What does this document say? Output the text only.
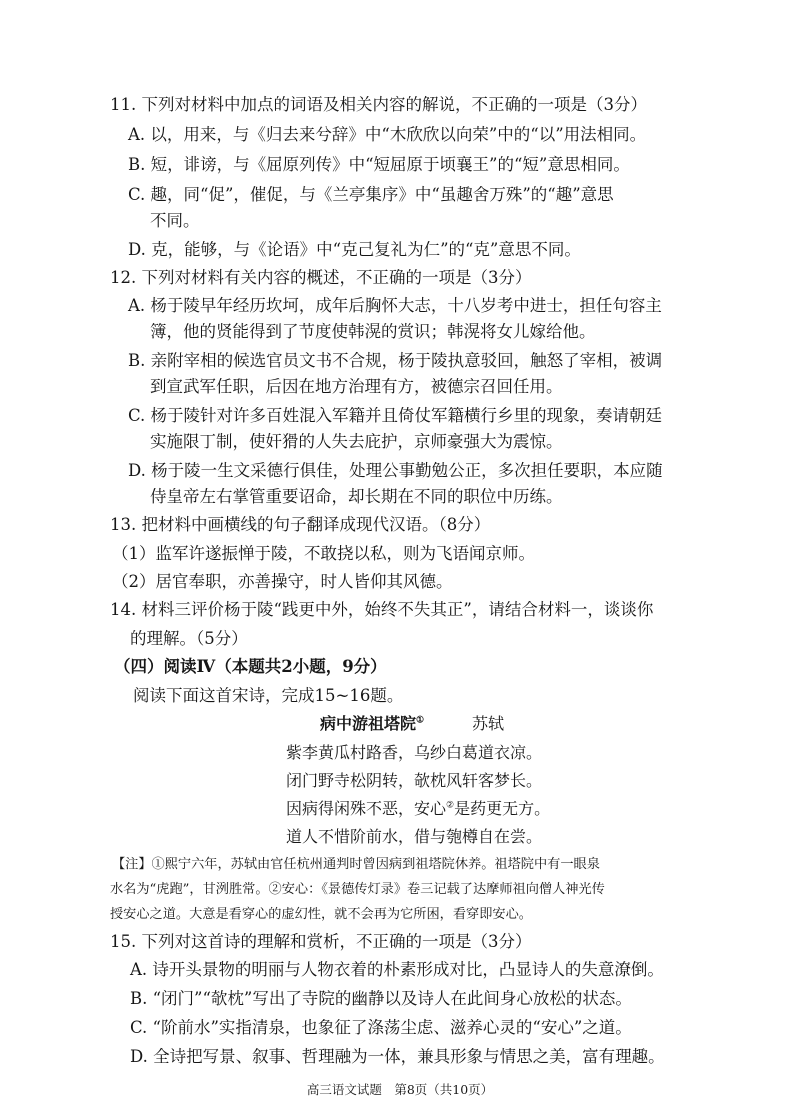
11. 下列对材料中加点的词语及相关内容的解说，不正确的一项是（3分）
A. 以，用来，与《归去来兮辞》中“木欣欣以向荣”中的“以”用法相同。
B. 短，诽谤，与《屈原列传》中“短屈原于顷襄王”的“短”意思相同。
C. 趣，同“促”，催促，与《兰亭集序》中“虽趣舍万殊”的“趣”意思
不同。
D. 克，能够，与《论语》中“克己复礼为仁”的“克”意思不同。
12. 下列对材料有关内容的概述，不正确的一项是（3分）
A. 杨于陵早年经历坎坷，成年后胸怀大志，十八岁考中进士，担任句容主
簿，他的贤能得到了节度使韩滉的赏识；韩滉将女儿嫁给他。
B. 亲附宰相的候选官员文书不合规，杨于陵执意驳回，触怒了宰相，被调
到宣武军任职，后因在地方治理有方，被德宗召回任用。
C. 杨于陵针对许多百姓混入军籍并且倚仗军籍横行乡里的现象，奏请朝廷
实施限丁制，使奸猾的人失去庇护，京师豪强大为震惊。
D. 杨于陵一生文采德行俱佳，处理公事勤勉公正，多次担任要职，本应随
侍皇帝左右掌管重要诏命，却长期在不同的职位中历练。
13. 把材料中画横线的句子翻译成现代汉语。（8分）
（1）监军许遂振惮于陵，不敢挠以私，则为飞语闻京师。
（2）居官奉职，亦善操守，时人皆仰其风德。
14. 材料三评价杨于陵“践更中外，始终不失其正”，请结合材料一，谈谈你
的理解。（5分）
（四）阅读Ⅳ（本题共2小题，9分）
阅读下面这首宋诗，完成15~16题。
病中游祖塔院①	苏轼
紫李黄瓜村路香，乌纱白葛道衣凉。
闭门野寺松阴转，欹枕风轩客梦长。
因病得闲殊不恶，安心②是药更无方。
道人不惜阶前水，借与匏樽自在尝。
【注】①熙宁六年，苏轼由官任杭州通判时曾因病到祖塔院休养。祖塔院中有一眼泉
水名为“虎跑”，甘洌胜常。②安心：《景德传灯录》卷三记载了达摩师祖向僧人神光传
授安心之道。大意是看穿心的虚幻性，就不会再为它所困，看穿即安心。
15. 下列对这首诗的理解和赏析，不正确的一项是（3分）
A. 诗开头景物的明丽与人物衣着的朴素形成对比，凸显诗人的失意潦倒。
B. “闭门”“欹枕”写出了寺院的幽静以及诗人在此间身心放松的状态。
C. “阶前水”实指清泉，也象征了涤荡尘虑、滋养心灵的“安心”之道。
D. 全诗把写景、叙事、哲理融为一体，兼具形象与情思之美，富有理趣。
高三语文试题　第8页（共10页）
